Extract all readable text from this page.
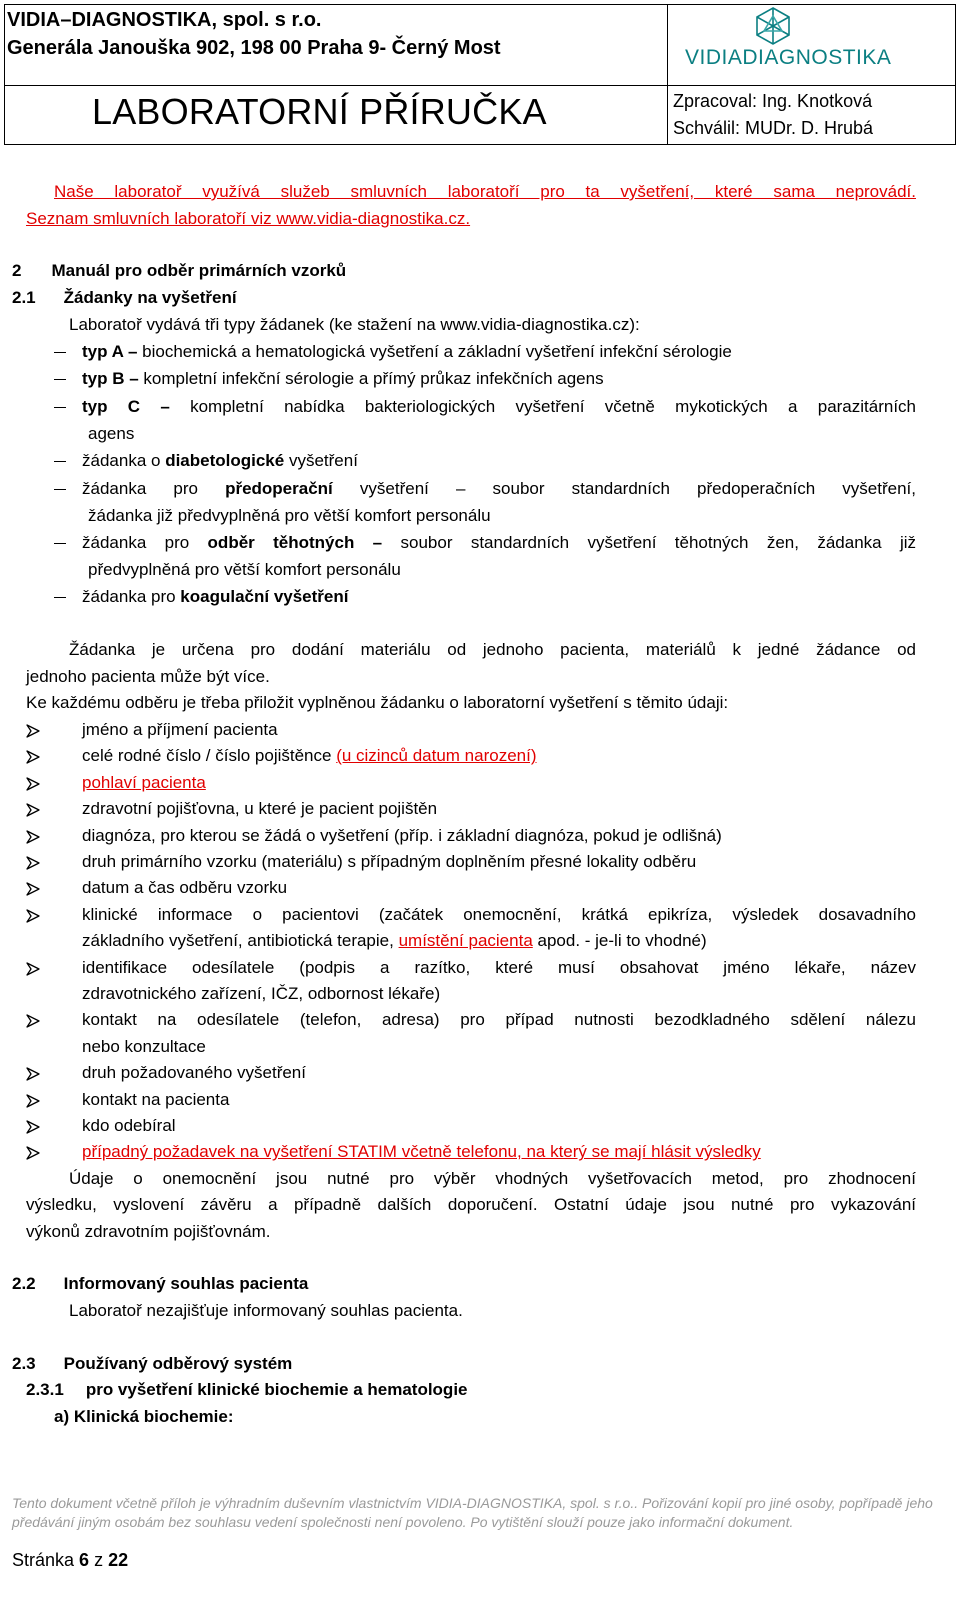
VIDIA–DIAGNOSTIKA, spol. s r.o.
Generála Janouška 902, 198 00 Praha 9- Černý Most
LABORATORNÍ PŘÍRUČKA
VIDIADIAGNOSTIKA
Zpracoval: Ing. Knotková
Schválil: MUDr. D. Hrubá
Naše laboratoř využívá služeb smluvních laboratoří pro ta vyšetření, které sama neprovádí.
Seznam smluvních laboratoří viz www.vidia-diagnostika.cz.
2 Manuál pro odběr primárních vzorků
2.1 Žádanky na vyšetření
Laboratoř vydává tři typy žádanek (ke stažení na www.vidia-diagnostika.cz):
typ A – biochemická a hematologická vyšetření a základní vyšetření infekční sérologie
typ B – kompletní infekční sérologie a přímý průkaz infekčních agens
typ C – kompletní nabídka bakteriologických vyšetření včetně mykotických a parazitárních
agens
žádanka o diabetologické vyšetření
žádanka pro předoperační vyšetření – soubor standardních předoperačních vyšetření,
žádanka již předvyplněná pro větší komfort personálu
žádanka pro odběr těhotných – soubor standardních vyšetření těhotných žen, žádanka již
předvyplněná pro větší komfort personálu
žádanka pro koagulační vyšetření
Žádanka je určena pro dodání materiálu od jednoho pacienta, materiálů k jedné žádance od
jednoho pacienta může být více.
Ke každému odběru je třeba přiložit vyplněnou žádanku o laboratorní vyšetření s těmito údaji:
jméno a příjmení pacienta
celé rodné číslo / číslo pojištěnce (u cizinců datum narození)
pohlaví pacienta
zdravotní pojišťovna, u které je pacient pojištěn
diagnóza, pro kterou se žádá o vyšetření (příp. i základní diagnóza, pokud je odlišná)
druh primárního vzorku (materiálu) s případným doplněním přesné lokality odběru
datum a čas odběru vzorku
klinické informace o pacientovi (začátek onemocnění, krátká epikríza, výsledek dosavadního
základního vyšetření, antibiotická terapie, umístění pacienta apod. - je-li to vhodné)
identifikace odesílatele (podpis a razítko, které musí obsahovat jméno lékaře, název
zdravotnického zařízení, IČZ, odbornost lékaře)
kontakt na odesílatele (telefon, adresa) pro případ nutnosti bezodkladného sdělení nálezu
nebo konzultace
druh požadovaného vyšetření
kontakt na pacienta
kdo odebíral
případný požadavek na vyšetření STATIM včetně telefonu, na který se mají hlásit výsledky
Údaje o onemocnění jsou nutné pro výběr vhodných vyšetřovacích metod, pro zhodnocení
výsledku, vyslovení závěru a případně dalších doporučení. Ostatní údaje jsou nutné pro vykazování
výkonů zdravotním pojišťovnám.
2.2 Informovaný souhlas pacienta
Laboratoř nezajišťuje informovaný souhlas pacienta.
2.3 Používaný odběrový systém
2.3.1 pro vyšetření klinické biochemie a hematologie
a) Klinická biochemie:
Tento dokument včetně příloh je výhradním duševním vlastnictvím VIDIA-DIAGNOSTIKA, spol. s r.o.. Pořizování kopií pro jiné osoby, popřípadě jeho
předávání jiným osobám bez souhlasu vedení společnosti není povoleno. Po vytištění slouží pouze jako informační dokument.
Stránka 6 z 22
